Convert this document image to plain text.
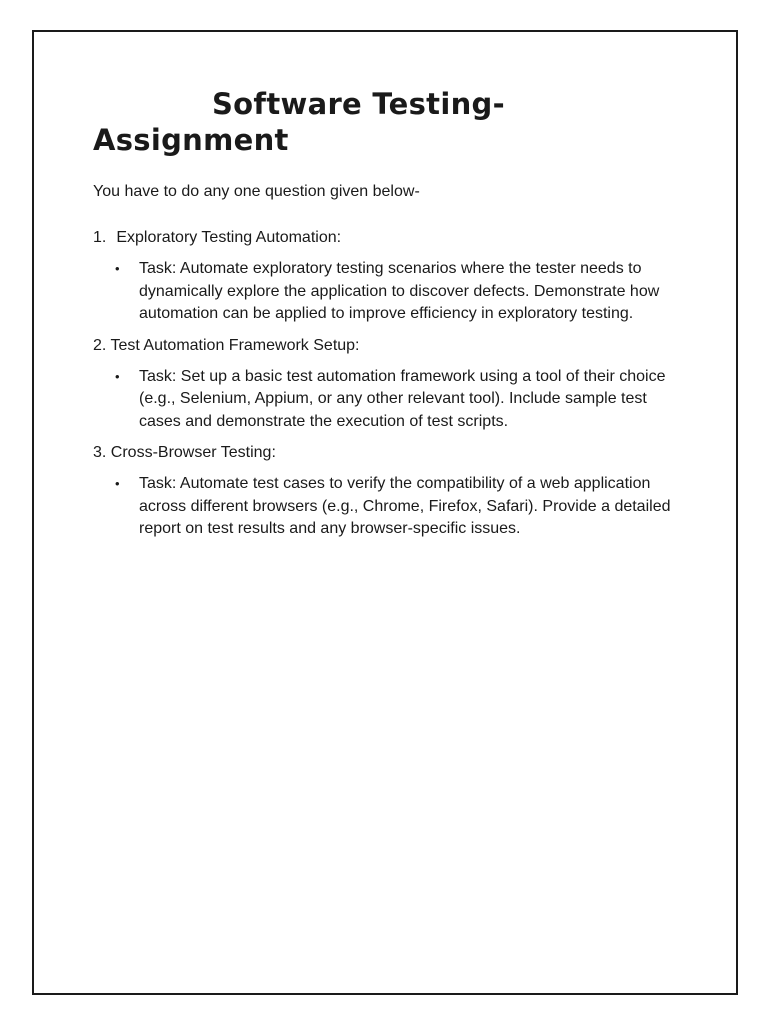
Software Testing-
Assignment

You have to do any one question given below-

1. Exploratory Testing Automation:

• Task: Automate exploratory testing scenarios where the tester needs to dynamically explore the application to discover defects. Demonstrate how automation can be applied to improve efficiency in exploratory testing.

2. Test Automation Framework Setup:

• Task: Set up a basic test automation framework using a tool of their choice (e.g., Selenium, Appium, or any other relevant tool). Include sample test cases and demonstrate the execution of test scripts.

3. Cross-Browser Testing:

• Task: Automate test cases to verify the compatibility of a web application across different browsers (e.g., Chrome, Firefox, Safari). Provide a detailed report on test results and any browser-specific issues.
